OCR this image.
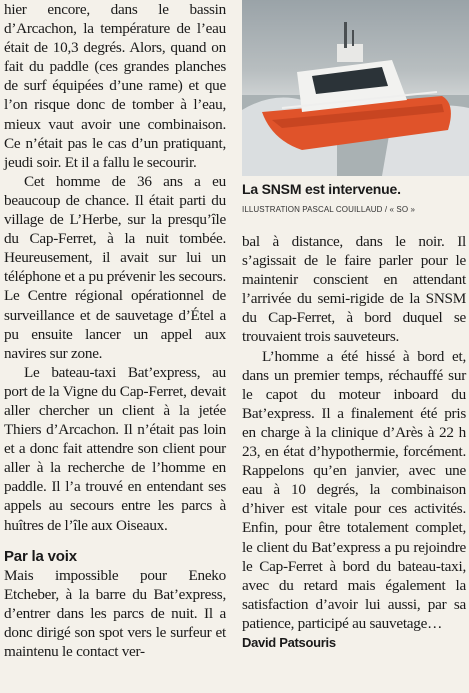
hier encore, dans le bassin d’Arcachon, la température de l’eau était de 10,3 degrés. Alors, quand on fait du paddle (ces grandes planches de surf équipées d’une rame) et que l’on risque donc de tomber à l’eau, mieux vaut avoir une combinaison. Ce n’était pas le cas d’un pratiquant, jeudi soir. Et il a fallu le secourir.

Cet homme de 36 ans a eu beaucoup de chance. Il était parti du village de L’Herbe, sur la presqu’île du Cap-Ferret, à la nuit tombée. Heureusement, il avait sur lui un téléphone et a pu prévenir les secours. Le Centre régional opérationnel de surveillance et de sauvetage d’Étel a pu ensuite lancer un appel aux navires sur zone.

Le bateau-taxi Bat’express, au port de la Vigne du Cap-Ferret, devait aller chercher un client à la jetée Thiers d’Arcachon. Il n’était pas loin et a donc fait attendre son client pour aller à la recherche de l’homme en paddle. Il l’a trouvé en entendant ses appels au secours entre les parcs à huîtres de l’île aux Oiseaux.

Par la voix

Mais impossible pour Eneko Etcheber, à la barre du Bat’express, d’entrer dans les parcs de nuit. Il a donc dirigé son spot vers le surfeur et maintenu le contact ver-

La SNSM est intervenue.
ILLUSTRATION PASCAL COUILLAUD / « SO »

bal à distance, dans le noir. Il s’agissait de le faire parler pour le maintenir conscient en attendant l’arrivée du semi-rigide de la SNSM du Cap-Ferret, à bord duquel se trouvaient trois sauveteurs.

L’homme a été hissé à bord et, dans un premier temps, réchauffé sur le capot du moteur inboard du Bat’express. Il a finalement été pris en charge à la clinique d’Arès à 22 h 23, en état d’hypothermie, forcément. Rappelons qu’en janvier, avec une eau à 10 degrés, la combinaison d’hiver est vitale pour ces activités. Enfin, pour être totalement complet, le client du Bat’express a pu rejoindre le Cap-Ferret à bord du bateau-taxi, avec du retard mais également la satisfaction d’avoir lui aussi, par sa patience, participé au sauvetage…

David Patsouris
